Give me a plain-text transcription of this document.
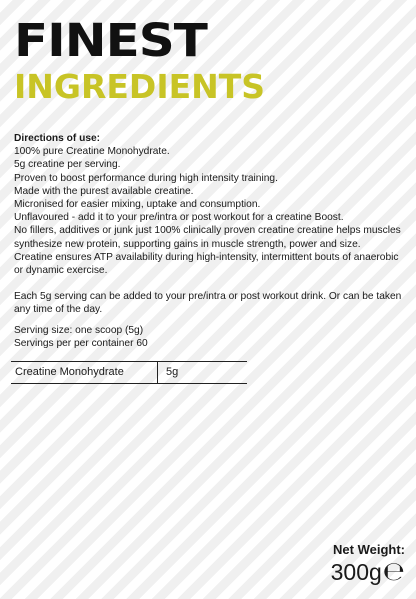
FINEST
INGREDIENTS

Directions of use:

100% pure Creatine Monohydrate.

5g creatine per serving.

Proven to boost performance during high intensity training.

Made with the purest available creatine.

Micronised for easier mixing, uptake and consumption.

Unflavoured - add it to your pre/intra or post workout for a creatine Boost.

No fillers, additives or junk just 100% clinically proven creatine creatine helps muscles synthesize new protein, supporting gains in muscle strength, power and size.

Creatine ensures ATP availability during high-intensity, intermittent bouts of anaerobic or dynamic exercise.

Each 5g serving can be added to your pre/intra or post workout drink. Or can be taken any time of the day.

Serving size: one scoop (5g)

Servings per per container 60

Creatine Monohydrate	5g
Net Weight:
300g ℮
